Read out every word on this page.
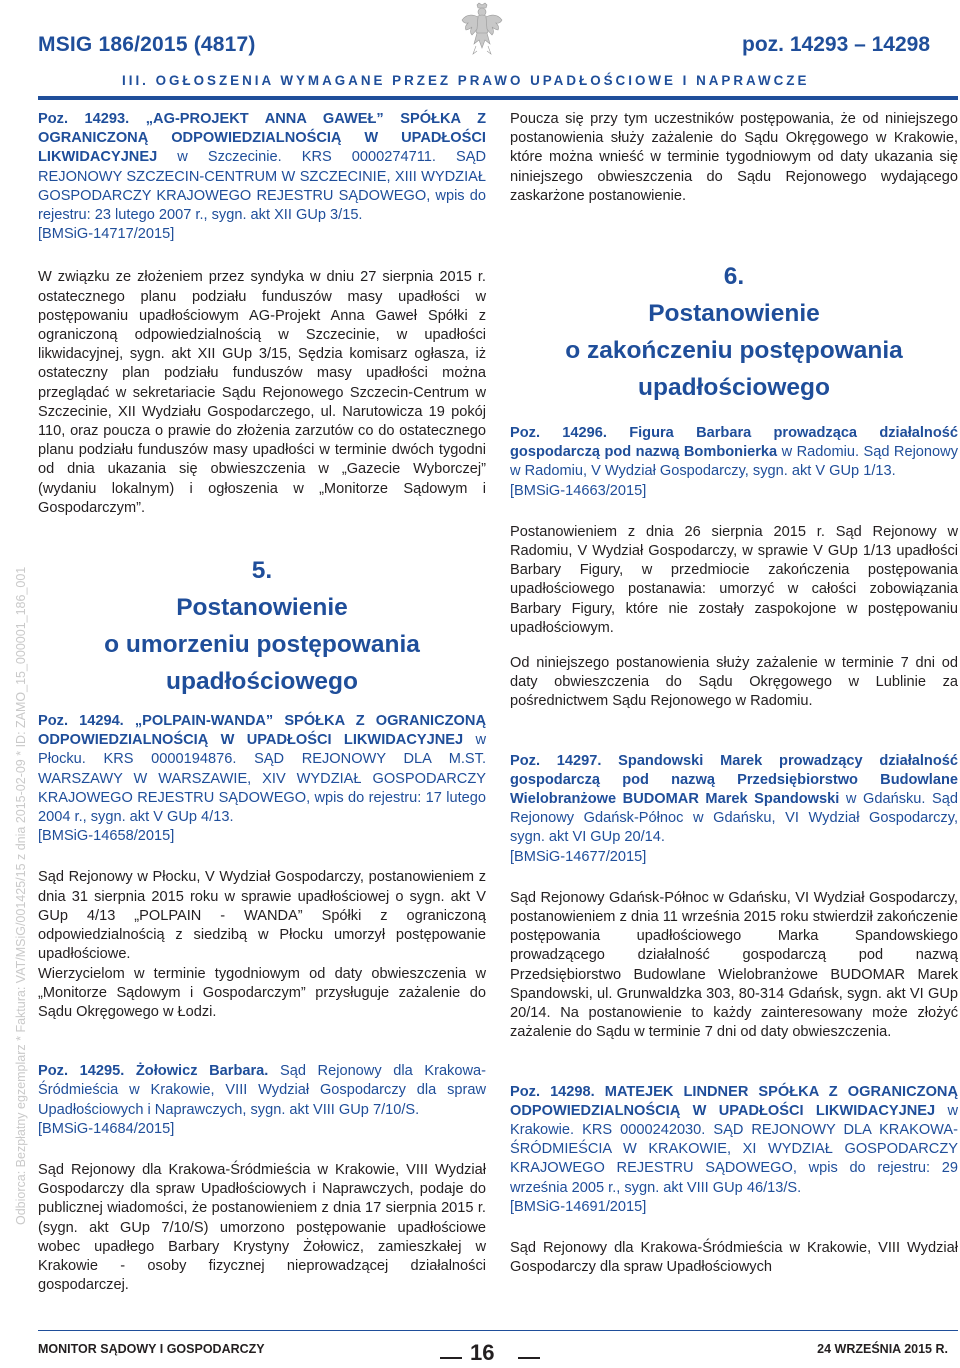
Odbiorca: Bezpłatny egzemplarz * Faktura: VAT/MSiG/001425/15 z dnia 2015-02-09 * ID: ZAMO_15_000001_186_001
MSIG 186/2015 (4817)	poz. 14293 – 14298
III. OGŁOSZENIA WYMAGANE PRZEZ PRAWO UPADŁOŚCIOWE I NAPRAWCZE

Poz. 14293. „AG-PROJEKT ANNA GAWEŁ” SPÓŁKA Z OGRANICZONĄ ODPOWIEDZIALNOŚCIĄ W UPADŁOŚCI LIKWIDACYJNEJ w Szczecinie. KRS 0000274711. SĄD REJONOWY SZCZECIN-CENTRUM W SZCZECINIE, XIII WYDZIAŁ GOSPODARCZY KRAJOWEGO REJESTRU SĄDOWEGO, wpis do rejestru: 23 lutego 2007 r., sygn. akt XII GUp 3/15.

[BMSiG-14717/2015]

W związku ze złożeniem przez syndyka w dniu 27 sierpnia 2015 r. ostatecznego planu podziału funduszów masy upadłości w postępowaniu upadłościowym AG-Projekt Anna Gaweł Spółki z ograniczoną odpowiedzialnością w Szczecinie, w upadłości likwidacyjnej, sygn. akt XII GUp 3/15, Sędzia komisarz ogłasza, iż ostateczny plan podziału funduszów masy upadłości można przeglądać w sekretariacie Sądu Rejonowego Szczecin-Centrum w Szczecinie, XII Wydziału Gospodarczego, ul. Narutowicza 19 pokój 110, oraz poucza o prawie do złożenia zarzutów co do ostatecznego planu podziału funduszów masy upadłości w terminie dwóch tygodni od dnia ukazania się obwieszczenia w „Gazecie Wyborczej” (wydaniu lokalnym) i ogłoszenia w „Monitorze Sądowym i Gospodarczym”.

5.
Postanowienie
o umorzeniu postępowania
upadłościowego

Poz. 14294. „POLPAIN-WANDA” SPÓŁKA Z OGRANICZONĄ ODPOWIEDZIALNOŚCIĄ W UPADŁOŚCI LIKWIDACYJNEJ w Płocku. KRS 0000194876. SĄD REJONOWY DLA M.ST. WARSZAWY W WARSZAWIE, XIV WYDZIAŁ GOSPODARCZY KRAJOWEGO REJESTRU SĄDOWEGO, wpis do rejestru: 17 lutego 2004 r., sygn. akt V GUp 4/13.

[BMSiG-14658/2015]

Sąd Rejonowy w Płocku, V Wydział Gospodarczy, postanowieniem z dnia 31 sierpnia 2015 roku w sprawie upadłościowej o sygn. akt V GUp 4/13 „POLPAIN - WANDA” Spółki z ograniczoną odpowiedzialnością z siedzibą w Płocku umorzył postępowanie upadłościowe.

Wierzycielom w terminie tygodniowym od daty obwieszczenia w „Monitorze Sądowym i Gospodarczym” przysługuje zażalenie do Sądu Okręgowego w Łodzi.

Poz. 14295. Żołowicz Barbara. Sąd Rejonowy dla Krakowa-Śródmieścia w Krakowie, VIII Wydział Gospodarczy dla spraw Upadłościowych i Naprawczych, sygn. akt VIII GUp 7/10/S.

[BMSiG-14684/2015]

Sąd Rejonowy dla Krakowa-Śródmieścia w Krakowie, VIII Wydział Gospodarczy dla spraw Upadłościowych i Naprawczych, podaje do publicznej wiadomości, że postanowieniem z dnia 17 sierpnia 2015 r. (sygn. akt GUp 7/10/S) umorzono postępowanie upadłościowe wobec upadłego Barbary Krystyny Żołowicz, zamieszkałej w Krakowie - osoby fizycznej nieprowadzącej działalności gospodarczej.

Poucza się przy tym uczestników postępowania, że od niniejszego postanowienia służy zażalenie do Sądu Okręgowego w Krakowie, które można wnieść w terminie tygodniowym od daty ukazania się niniejszego obwieszczenia do Sądu Rejonowego wydającego zaskarżone postanowienie.

6.
Postanowienie
o zakończeniu postępowania
upadłościowego

Poz. 14296. Figura Barbara prowadząca działalność gospodarczą pod nazwą Bombonierka w Radomiu. Sąd Rejonowy w Radomiu, V Wydział Gospodarczy, sygn. akt V GUp 1/13.

[BMSiG-14663/2015]

Postanowieniem z dnia 26 sierpnia 2015 r. Sąd Rejonowy w Radomiu, V Wydział Gospodarczy, w sprawie V GUp 1/13 upadłości Barbary Figury, w przedmiocie zakończenia postępowania upadłościowego postanawia: umorzyć w całości zobowiązania Barbary Figury, które nie zostały zaspokojone w postępowaniu upadłościowym.

Od niniejszego postanowienia służy zażalenie w terminie 7 dni od daty obwieszczenia do Sądu Okręgowego w Lublinie za pośrednictwem Sądu Rejonowego w Radomiu.

Poz. 14297. Spandowski Marek prowadzący działalność gospodarczą pod nazwą Przedsiębiorstwo Budowlane Wielobranżowe BUDOMAR Marek Spandowski w Gdańsku. Sąd Rejonowy Gdańsk-Północ w Gdańsku, VI Wydział Gospodarczy, sygn. akt VI GUp 20/14.

[BMSiG-14677/2015]

Sąd Rejonowy Gdańsk-Północ w Gdańsku, VI Wydział Gospodarczy, postanowieniem z dnia 11 września 2015 roku stwierdził zakończenie postępowania upadłościowego Marka Spandowskiego prowadzącego działalność gospodarczą pod nazwą Przedsiębiorstwo Budowlane Wielobranżowe BUDOMAR Marek Spandowski, ul. Grunwaldzka 303, 80-314 Gdańsk, sygn. akt VI GUp 20/14. Na postanowienie to każdy zainteresowany może złożyć zażalenie do Sądu w terminie 7 dni od daty obwieszczenia.

Poz. 14298. MATEJEK LINDNER SPÓŁKA Z OGRANICZONĄ ODPOWIEDZIALNOŚCIĄ W UPADŁOŚCI LIKWIDACYJNEJ w Krakowie. KRS 0000242030. SĄD REJONOWY DLA KRAKOWA-ŚRÓDMIEŚCIA W KRAKOWIE, XI WYDZIAŁ GOSPODARCZY KRAJOWEGO REJESTRU SĄDOWEGO, wpis do rejestru: 29 września 2005 r., sygn. akt VIII GUp 46/13/S.

[BMSiG-14691/2015]

Sąd Rejonowy dla Krakowa-Śródmieścia w Krakowie, VIII Wydział Gospodarczy dla spraw Upadłościowych

MONITOR SĄDOWY I GOSPODARCZY	16	24 WRZEŚNIA 2015 R.
